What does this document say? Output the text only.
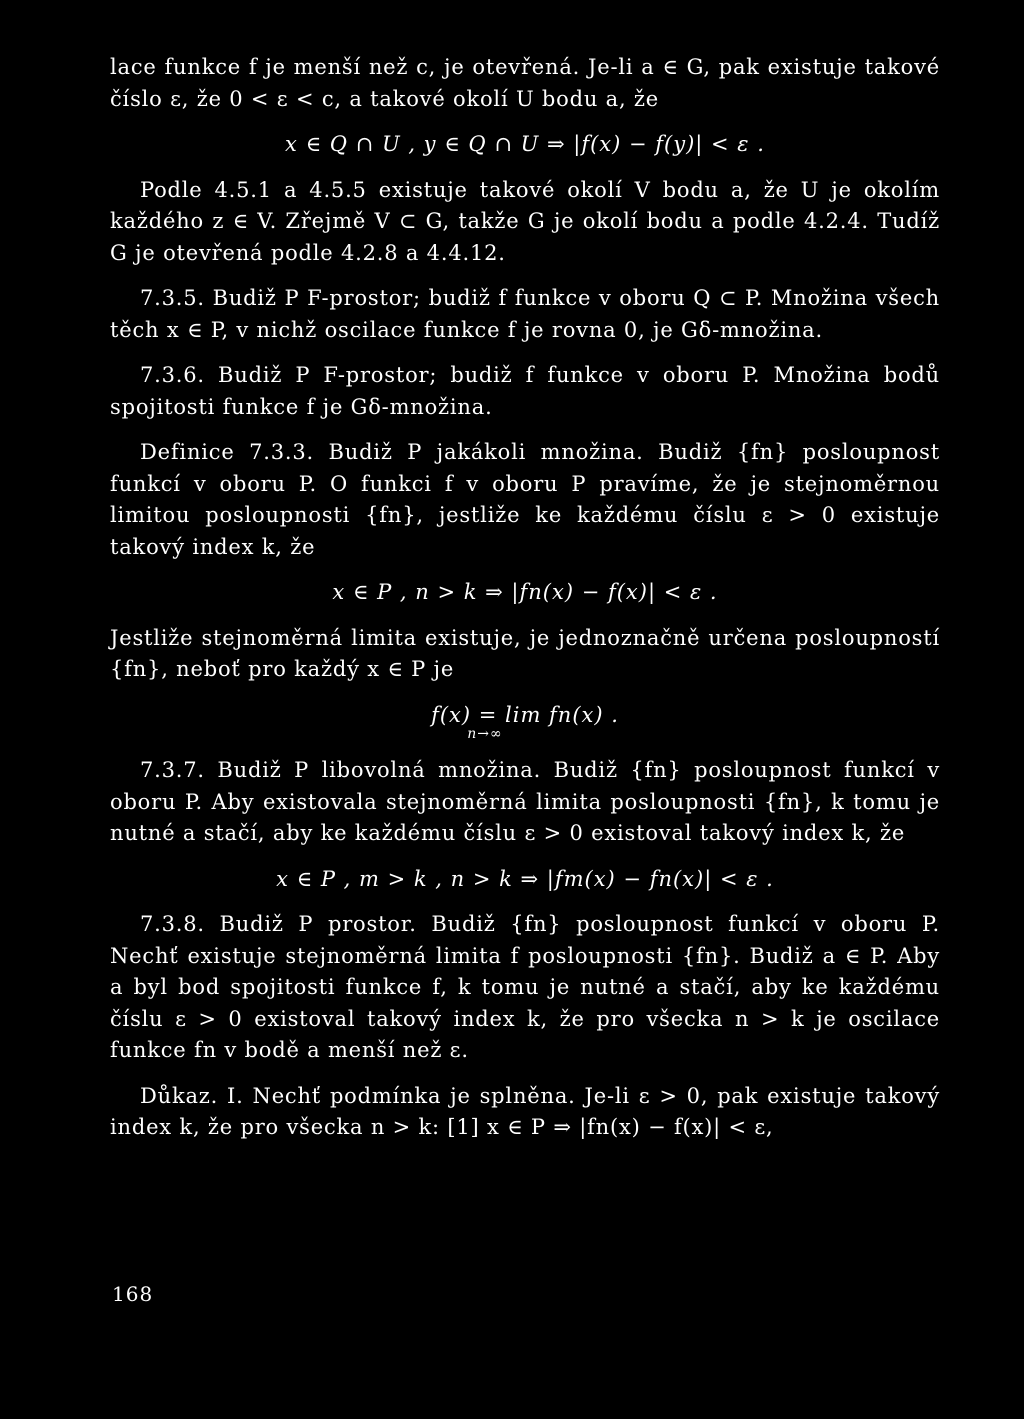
lace funkce f je menší než c, je otevřená. Je-li a ∈ G, pak existuje takové číslo ε, že 0 < ε < c, a takové okolí U bodu a, že

x ∈ Q ∩ U , y ∈ Q ∩ U ⇒ |f(x) − f(y)| < ε .

Podle 4.5.1 a 4.5.5 existuje takové okolí V bodu a, že U je okolím každého z ∈ V. Zřejmě V ⊂ G, takže G je okolí bodu a podle 4.2.4. Tudíž G je otevřená podle 4.2.8 a 4.4.12.

7.3.5. Budiž P F-prostor; budiž f funkce v oboru Q ⊂ P. Množina všech těch x ∈ P, v nichž oscilace funkce f je rovna 0, je Gδ-množina.

7.3.6. Budiž P F-prostor; budiž f funkce v oboru P. Množina bodů spojitosti funkce f je Gδ-množina.

Definice 7.3.3. Budiž P jakákoli množina. Budiž {fn} posloupnost funkcí v oboru P. O funkci f v oboru P pravíme, že je stejnoměrnou limitou posloupnosti {fn}, jestliže ke každému číslu ε > 0 existuje takový index k, že

x ∈ P , n > k ⇒ |fn(x) − f(x)| < ε .

Jestliže stejnoměrná limita existuje, je jednoznačně určena posloupností {fn}, neboť pro každý x ∈ P je

f(x) = lim fn(x) .
n→∞

7.3.7. Budiž P libovolná množina. Budiž {fn} posloupnost funkcí v oboru P. Aby existovala stejnoměrná limita posloupnosti {fn}, k tomu je nutné a stačí, aby ke každému číslu ε > 0 existoval takový index k, že

x ∈ P , m > k , n > k ⇒ |fm(x) − fn(x)| < ε .

7.3.8. Budiž P prostor. Budiž {fn} posloupnost funkcí v oboru P. Nechť existuje stejnoměrná limita f posloupnosti {fn}. Budiž a ∈ P. Aby a byl bod spojitosti funkce f, k tomu je nutné a stačí, aby ke každému číslu ε > 0 existoval takový index k, že pro všecka n > k je oscilace funkce fn v bodě a menší než ε.

Důkaz. I. Nechť podmínka je splněna. Je-li ε > 0, pak existuje takový index k, že pro všecka n > k: [1] x ∈ P ⇒ |fn(x) − f(x)| < ε,

168
